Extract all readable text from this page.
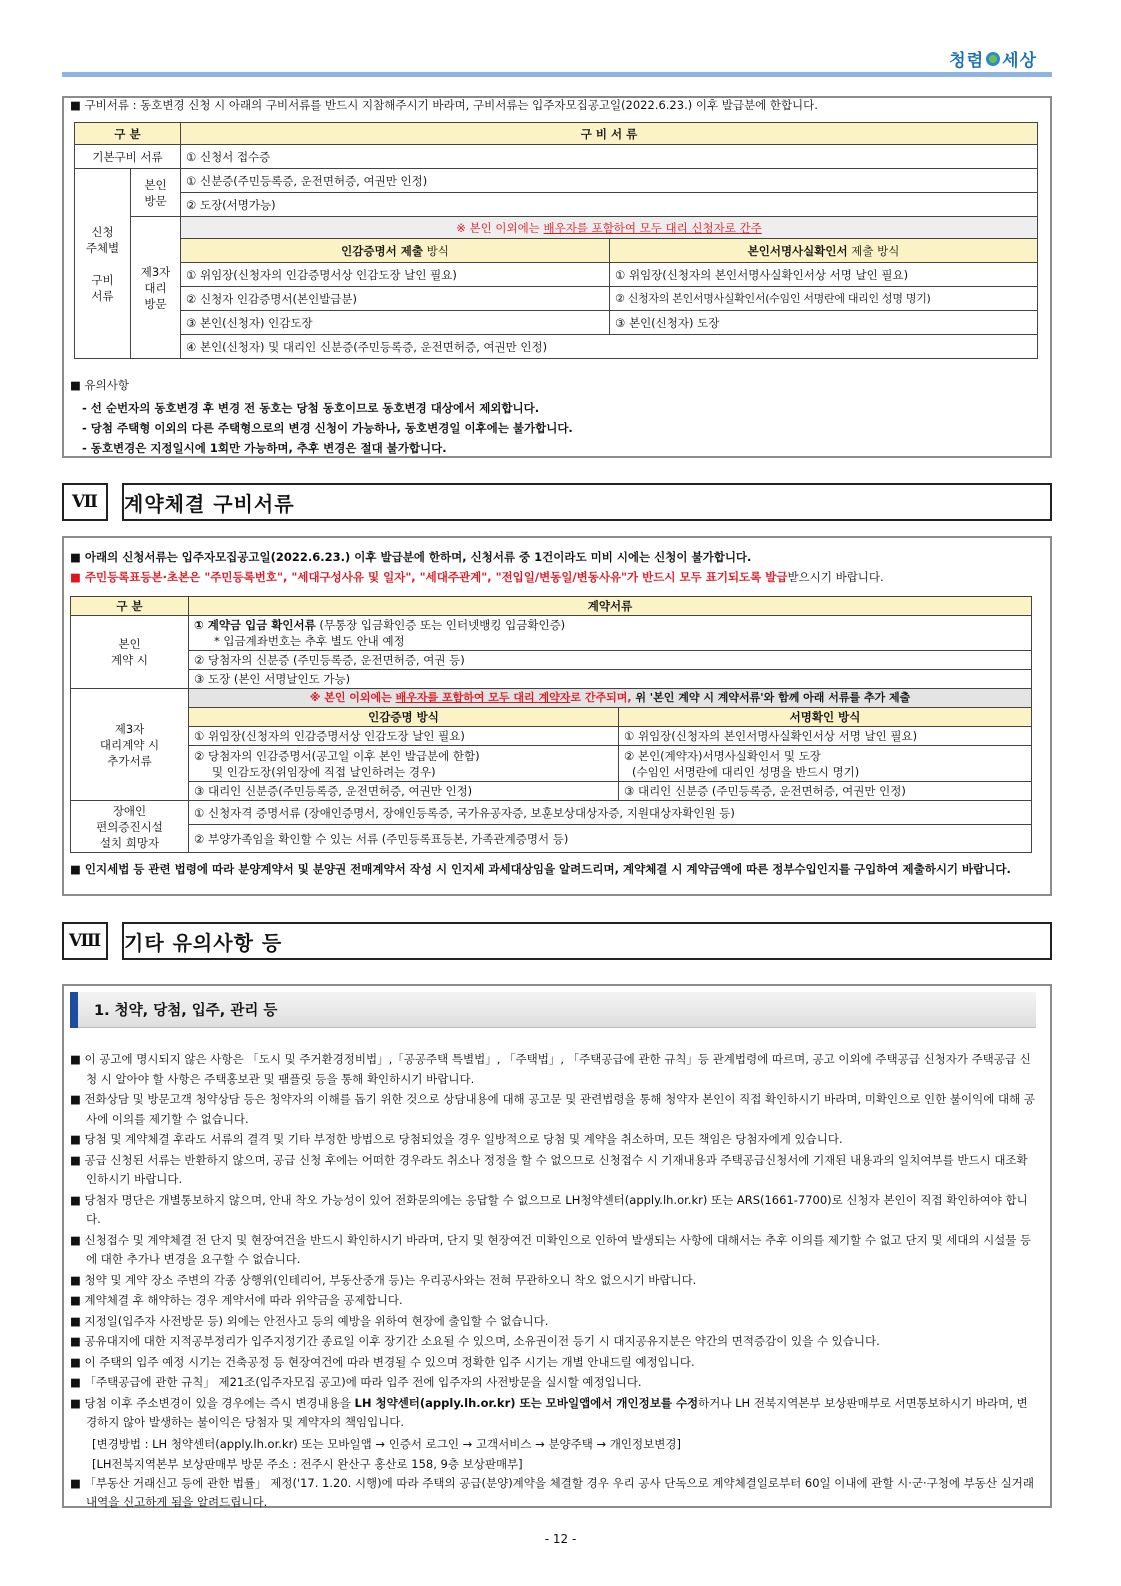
청렴 세상
■ 구비서류 : 동호변경 신청 시 아래의 구비서류를 반드시 지참해주시기 바라며, 구비서류는 입주자모집공고일(2022.6.23.) 이후 발급분에 한합니다.
구 분		구 비 서 류	
기본구비 서류		① 신청서 접수증	
신청
주체별

구비
서류	본인
방문	① 신분증(주민등록증, 운전면허증, 여권만 인정)	
		② 도장(서명가능)	
	제3자
대리
방문	※ 본인 이외에는 배우자를 포함하여 모두 대리 신청자로 간주	
		인감증명서 제출 방식	본인서명사실확인서 제출 방식
		① 위임장(신청자의 인감증명서상 인감도장 날인 필요)	① 위임장(신청자의 본인서명사실확인서상 서명 날인 필요)
		② 신청자 인감증명서(본인발급분)	② 신청자의 본인서명사실확인서(수임인 서명란에 대리인 성명 명기)
		③ 본인(신청자) 인감도장	③ 본인(신청자) 도장
		④ 본인(신청자) 및 대리인 신분증(주민등록증, 운전면허증, 여권만 인정)	
■ 유의사항
- 선 순번자의 동호변경 후 변경 전 동호는 당첨 동호이므로 동호변경 대상에서 제외합니다.
- 당첨 주택형 이외의 다른 주택형으로의 변경 신청이 가능하나, 동호변경일 이후에는 불가합니다.
- 동호변경은 지정일시에 1회만 가능하며, 추후 변경은 절대 불가합니다.
Ⅶ	계약체결 구비서류
■ 아래의 신청서류는 입주자모집공고일(2022.6.23.) 이후 발급분에 한하며, 신청서류 중 1건이라도 미비 시에는 신청이 불가합니다.
■ 주민등록표등본·초본은 "주민등록번호", "세대구성사유 및 일자", "세대주관계", "전입일/변동일/변동사유"가 반드시 모두 표기되도록 발급받으시기 바랍니다.
구 분	계약서류	
본인
계약 시	① 계약금 입금 확인서류 (무통장 입금확인증 또는 인터넷뱅킹 입금확인증)
* 입금계좌번호는 추후 별도 안내 예정	
	② 당첨자의 신분증 (주민등록증, 운전면허증, 여권 등)	
	③ 도장 (본인 서명날인도 가능)	
제3자
대리계약 시
추가서류	※ 본인 이외에는 배우자를 포함하여 모두 대리 계약자로 간주되며, 위 '본인 계약 시 계약서류'와 함께 아래 서류를 추가 제출	
	인감증명 방식	서명확인 방식
	① 위임장(신청자의 인감증명서상 인감도장 날인 필요)	① 위임장(신청자의 본인서명사실확인서상 서명 날인 필요)
	② 당첨자의 인감증명서(공고일 이후 본인 발급분에 한함)
및 인감도장(위임장에 직접 날인하려는 경우)	② 본인(계약자)서명사실확인서 및 도장
(수임인 서명란에 대리인 성명을 반드시 명기)
	③ 대리인 신분증(주민등록증, 운전면허증, 여권만 인정)	③ 대리인 신분증 (주민등록증, 운전면허증, 여권만 인정)
장애인
편의증진시설
설치 희망자	① 신청자격 증명서류 (장애인증명서, 장애인등록증, 국가유공자증, 보훈보상대상자증, 지원대상자확인원 등)	
	② 부양가족임을 확인할 수 있는 서류 (주민등록표등본, 가족관계증명서 등)	
■ 인지세법 등 관련 법령에 따라 분양계약서 및 분양권 전매계약서 작성 시 인지세 과세대상임을 알려드리며, 계약체결 시 계약금액에 따른 정부수입인지를 구입하여 제출하시기 바랍니다.
Ⅷ	기타 유의사항 등
1. 청약, 당첨, 입주, 관리 등
■ 이 공고에 명시되지 않은 사항은 「도시 및 주거환경정비법」,「공공주택 특별법」, 「주택법」, 「주택공급에 관한 규칙」등 관계법령에 따르며, 공고 이외에 주택공급 신청자가 주택공급 신청 시 알아야 할 사항은 주택홍보관 및 팸플릿 등을 통해 확인하시기 바랍니다.
■ 전화상담 및 방문고객 청약상담 등은 청약자의 이해를 돕기 위한 것으로 상담내용에 대해 공고문 및 관련법령을 통해 청약자 본인이 직접 확인하시기 바라며, 미확인으로 인한 불이익에 대해 공사에 이의를 제기할 수 없습니다.
■ 당첨 및 계약체결 후라도 서류의 결격 및 기타 부정한 방법으로 당첨되었을 경우 일방적으로 당첨 및 계약을 취소하며, 모든 책임은 당첨자에게 있습니다.
■ 공급 신청된 서류는 반환하지 않으며, 공급 신청 후에는 어떠한 경우라도 취소나 정정을 할 수 없으므로 신청접수 시 기재내용과 주택공급신청서에 기재된 내용과의 일치여부를 반드시 대조확인하시기 바랍니다.
■ 당첨자 명단은 개별통보하지 않으며, 안내 착오 가능성이 있어 전화문의에는 응답할 수 없으므로 LH청약센터(apply.lh.or.kr) 또는 ARS(1661-7700)로 신청자 본인이 직접 확인하여야 합니다.
■ 신청접수 및 계약체결 전 단지 및 현장여건을 반드시 확인하시기 바라며, 단지 및 현장여건 미확인으로 인하여 발생되는 사항에 대해서는 추후 이의를 제기할 수 없고 단지 및 세대의 시설물 등에 대한 추가나 변경을 요구할 수 없습니다.
■ 청약 및 계약 장소 주변의 각종 상행위(인테리어, 부동산중개 등)는 우리공사와는 전혀 무관하오니 착오 없으시기 바랍니다.
■ 계약체결 후 해약하는 경우 계약서에 따라 위약금을 공제합니다.
■ 지정일(입주자 사전방문 등) 외에는 안전사고 등의 예방을 위하여 현장에 출입할 수 없습니다.
■ 공유대지에 대한 지적공부정리가 입주지정기간 종료일 이후 장기간 소요될 수 있으며, 소유권이전 등기 시 대지공유지분은 약간의 면적증감이 있을 수 있습니다.
■ 이 주택의 입주 예정 시기는 건축공정 등 현장여건에 따라 변경될 수 있으며 정확한 입주 시기는 개별 안내드릴 예정입니다.
■ 「주택공급에 관한 규칙」 제21조(입주자모집 공고)에 따라 입주 전에 입주자의 사전방문을 실시할 예정입니다.
■ 당첨 이후 주소변경이 있을 경우에는 즉시 변경내용을 LH 청약센터(apply.lh.or.kr) 또는 모바일앱에서 개인정보를 수정하거나 LH 전북지역본부 보상판매부로 서면통보하시기 바라며, 변경하지 않아 발생하는 불이익은 당첨자 및 계약자의 책임입니다.
[변경방법 : LH 청약센터(apply.lh.or.kr) 또는 모바일앱 → 인증서 로그인 → 고객서비스 → 분양주택 → 개인정보변경]
[LH전북지역본부 보상판매부 방문 주소 : 전주시 완산구 홍산로 158, 9층 보상판매부]
■ 「부동산 거래신고 등에 관한 법률」 제정('17. 1.20. 시행)에 따라 주택의 공급(분양)계약을 체결할 경우 우리 공사 단독으로 계약체결일로부터 60일 이내에 관할 시·군·구청에 부동산 실거래 내역을 신고하게 됨을 알려드립니다.
- 12 -
